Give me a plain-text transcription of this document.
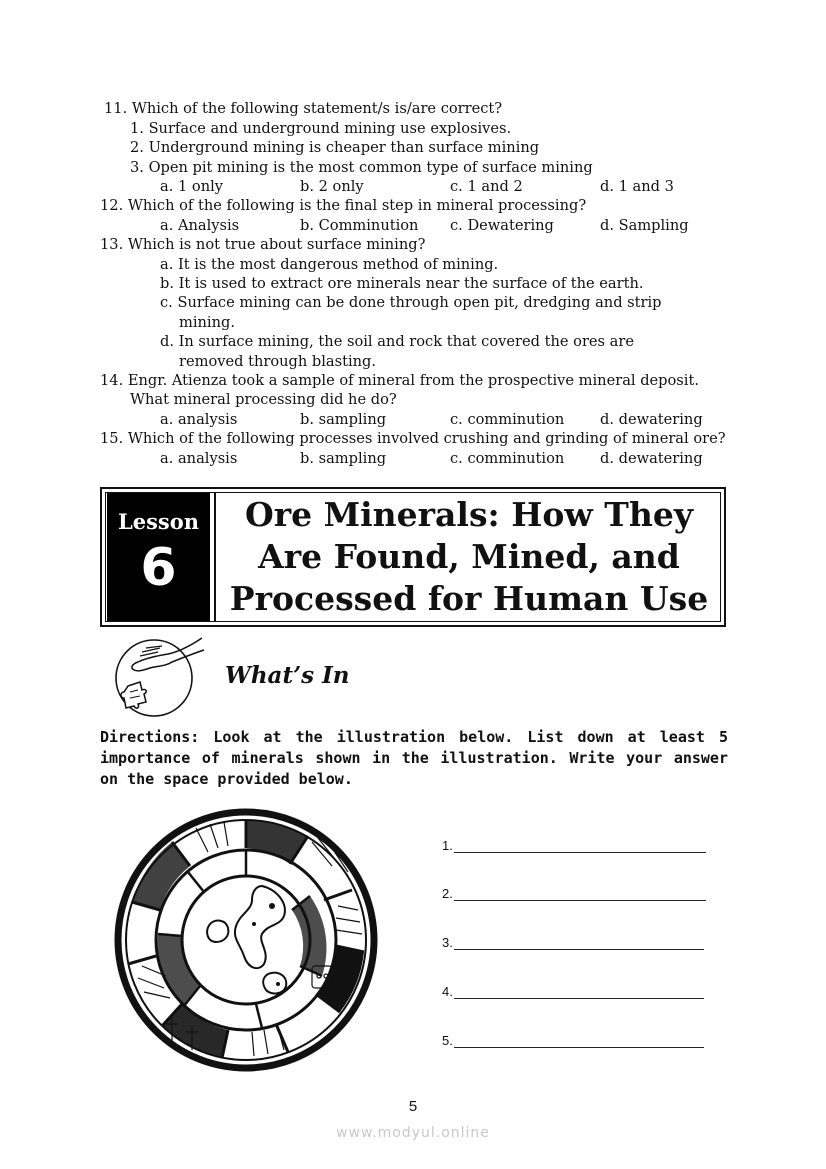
11. Which of the following statement/s is/are correct?
1. Surface and underground mining use explosives.
2. Underground mining is cheaper than surface mining
3. Open pit mining is the most common type of surface mining
a. 1 only	b. 2 only	c. 1 and 2	d. 1 and 3
12. Which of the following is the final step in mineral processing?
a. Analysis	b. Comminution c. Dewatering	d. Sampling
13. Which is not true about surface mining?
a. It is the most dangerous method of mining.
b. It is used to extract ore minerals near the surface of the earth.
c. Surface mining can be done through open pit, dredging and strip
mining.
d. In surface mining, the soil and rock that covered the ores are
removed through blasting.
14. Engr. Atienza took a sample of mineral from the prospective mineral deposit.
What mineral processing did he do?
a. analysis	b. sampling	c. comminution d. dewatering
15. Which of the following processes involved crushing and grinding of mineral ore?
a. analysis	b. sampling	c. comminution d. dewatering
Lesson
6
Ore Minerals: How They Are Found, Mined, and Processed for Human Use
What’s In
Directions: Look at the illustration below. List down at least 5 importance of minerals shown in the illustration. Write your answer on the space provided below.
1.
2.
3.
4.
5.
5
www.modyul.online
